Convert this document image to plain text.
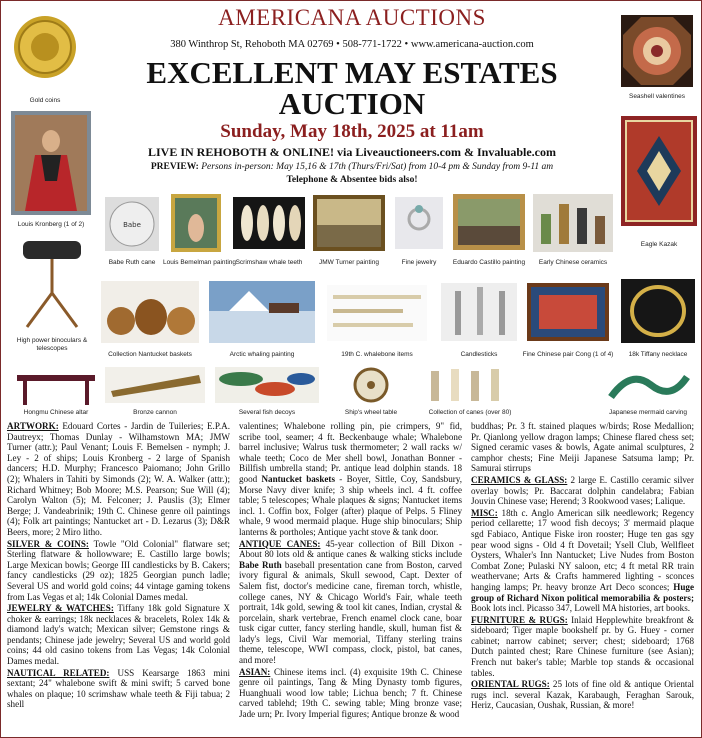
AMERICANA AUCTIONS
380 Winthrop St, Rehoboth MA 02769 • 508-771-1722 • www.americana-auction.com
EXCELLENT MAY ESTATES
AUCTION
Sunday, May 18th, 2025 at 11am
LIVE IN REHOBOTH & ONLINE! via Liveauctioneers.com & Invaluable.com
PREVIEW: Persons in-person: May 15,16 & 17th (Thurs/Fri/Sat) from 10-4 pm & Sunday from 9-11 am
Telephone & Absentee bids also!
Gold coins
Seashell valentines
Louis Kronberg (1 of 2)
Eagle Kazak
Babe
Babe Ruth cane	Louis Bemelman painting Scrimshaw whale teeth	JMW Turner painting	Fine jewelry	Eduardo Castillo painting	Early Chinese ceramics
High power binoculars & telescopes
Collection Nantucket baskets	Arctic whaling painting	19th C. whalebone items	Candlesticks	Fine Chinese pair Cong (1 of 4)	18k Tiffany necklace
Hongmu Chinese altar	Bronze cannon	Several fish decoys	Ship's wheel table	Collection of canes (over 80)	Japanese mermaid carving

ARTWORK: Edouard Cortes - Jardin de Tuileries; E.P.A. Dautreyx; Thomas Dunlay - Wilhamstown MA; JMW Turner (attr.); Paul Venant; Louis F. Bemelsen - nymph; J. Ley - 2 of ships; Louis Kronberg - 2 large of Spanish dancers; H.D. Murphy; Francesco Paiomano; John Grillo (2); Whalers in Tahiti by Simonds (2); W. A. Walker (attr.); Richard Whitney; Bob Moore; M.S. Pearson; Sue Will (4); Carolyn Walton (5); M. Felconer; J. Pauslis (3); Elmer Berge; J. Vandeabrinik; 19th C. Chinese genre oil paintings (4); Folk art paintings; Nantucket art - D. Lezarus (3); D&R Beers, more; 2 Miro litho.

SILVER & COINS: Towle "Old Colonial" flatware set; Sterling flatware & hollowware; E. Castillo large bowls; Large Mexican bowls; George III candlesticks by B. Cakers; fancy candlesticks (29 oz); 1825 Georgian punch ladle; Several US and world gold coins; 44 vintage gaming tokens from Las Vegas et al; 14k Colonial Dames medal.

JEWELRY & WATCHES: Tiffany 18k gold Signature X choker & earrings; 18k necklaces & bracelets, Rolex 14k & diamond lady's watch; Mexican silver; Gemstone rings & pendants; Chinese jade jewelry; Several US and world gold coins; 44 old casino tokens from Las Vegas; 14k Colonial Dames medal.

NAUTICAL RELATED: USS Kearsarge 1863 mini sextant; 24" whalebone swift & mini swift; 5 carved bone whales on plaque; 10 scrimshaw whale teeth & Fiji tabua; 2 shell

valentines; Whalebone rolling pin, pie crimpers, 9" fid, scribe tool, seamer; 4 ft. Beckenbauge whale; Whalebone barrel inclusive; Walrus tusk thermometer; 2 wall racks w/ whale teeth; Coco de Mer shell bowl, Jonathan Bonner - Billfish umbrella stand; Pr. antique lead dolphin stands. 18 good Nantucket baskets - Boyer, Sittle, Coy, Sandsbury, Morse Navy diver knife; 3 ship wheels incl. 4 ft. coffee table; 5 telescopes; Whale plaques & signs; Nantucket items incl. 1. Coffin box, Folger (after) plaque of Pelps. 5 Fliney whale, 9 wood mermaid plaque. Huge ship binoculars; Ship lanterns & portholes; Antique yacht stove & tank door.

ANTIQUE CANES: 45-year collection of Bill Dixon - About 80 lots old & antique canes & walking sticks include Babe Ruth baseball presentation cane from Boston, carved ivory figural & animals, Skull sewood, Capt. Dexter of Salem fist, doctor's medicine cane, fireman torch, whistle, college canes, NY & Chicago World's Fair, whale teeth portrait, 14k gold, sewing & tool kit canes, Indian, crystal & porcelain, shark vertebrae, French enamel clock cane, boar tusk cigar cutter, fancy sterling handle, skull, human fist & lady's legs, Civil War memorial, Tiffany sterling trains theme, telescope, WWI compass, clock, pistol, bat canes, and more!

ASIAN: Chinese items incl. (4) exquisite 19th C. Chinese genre oil paintings, Tang & Ming Dynasty tomb figures, Huanghuali wood low table; Lichua bench; 7 ft. Chinese carved tablehd; 19th C. sewing table; Ming bronze vase; Jade urn; Pr. Ivory Imperial figures; Antique bronze & wood

buddhas; Pr. 3 ft. stained plaques w/birds; Rose Medallion; Pr. Qianlong yellow dragon lamps; Chinese flared chess set; Signed ceramic vases & bowls, Agate animal sculptures, 2 camphor chests; Fine Meiji Japanese Satsuma lamp; Pr. Samurai stirrups

CERAMICS & GLASS: 2 large E. Castillo ceramic silver overlay bowls; Pr. Baccarat dolphin candelabra; Fabian Jouvin Chinese vase; Herend; 3 Rookwood vases; Lalique.

MISC: 18th c. Anglo American silk needlework; Regency period cellarette; 17 wood fish decoys; 3' mermaid plaque sgd Fabiaco, Antique Fiske iron rooster; Huge ten gas sgy pear wood signs - Old 4 ft Dovetail; Ysell Club, Wellfleet Oysters, Whaler's Inn Nantucket; Live Nudes from Boston Combat Zone; Pulaski NY saloon, etc; 4 ft metal RR train weathervane; Arts & Crafts hammered lighting - sconces hanging lamps; Pr. heavy bronze Art Deco sconces; Huge group of Richard Nixon political memorabilia & posters; Book lots incl. Picasso 347, Lowell MA histories, art books.

FURNITURE & RUGS: Inlaid Hepplewhite breakfront & sideboard; Tiger maple bookshelf pr. by G. Huey - corner cabinet; narrow cabinet; server; chest; sideboard; 1768 Dutch painted chest; Rare Chinese furniture (see Asian); French nut baker's table; Marble top stands & occasional tables.

ORIENTAL RUGS: 25 lots of fine old & antique Oriental rugs incl. several Kazak, Karabaugh, Feraghan Sarouk, Heriz, Caucasian, Oushak, Russian, & more!
